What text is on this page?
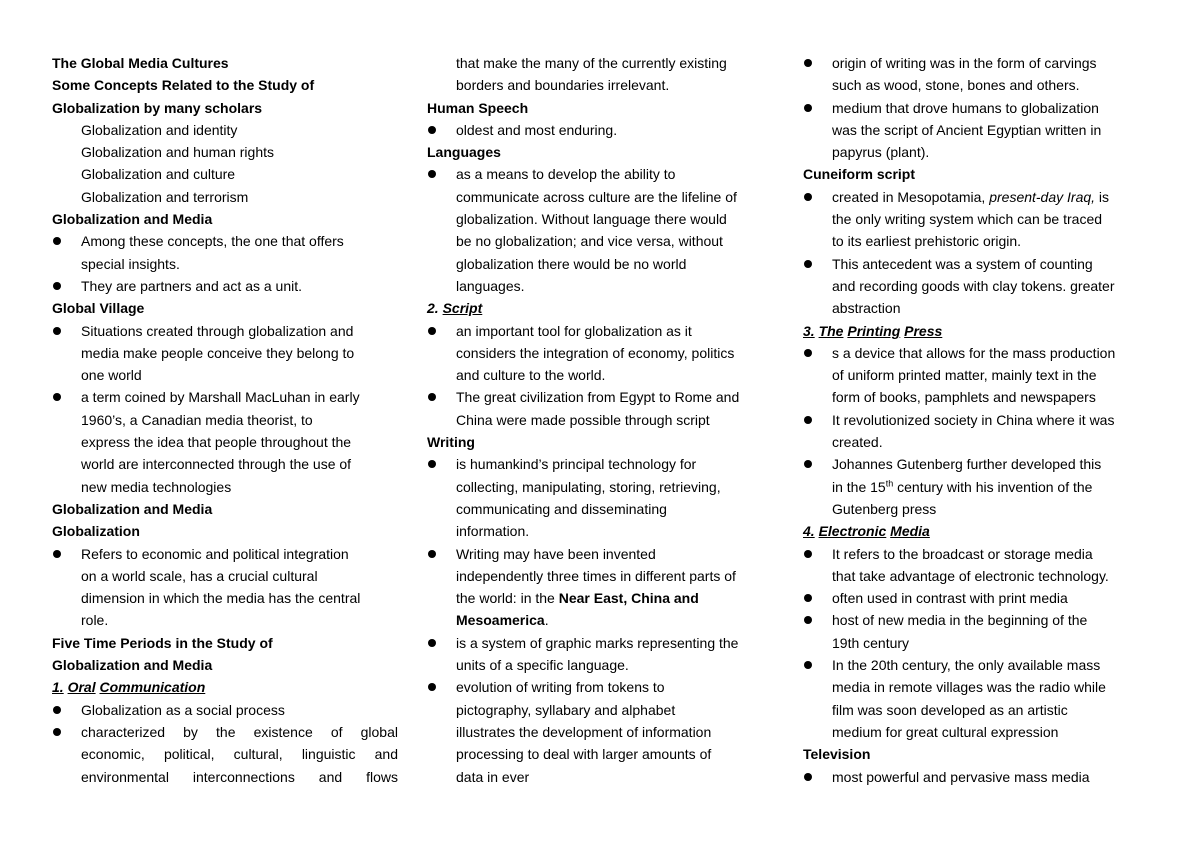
The Global Media Cultures

Some Concepts Related to the Study of

Globalization by many scholars

Globalization and identity

Globalization and human rights

Globalization and culture

Globalization and terrorism

Globalization and Media

Among these concepts, the one that offers
special insights.
They are partners and act as a unit.

Global Village

Situations created through globalization and
media make people conceive they belong to
one world
a term coined by Marshall MacLuhan in early
1960’s, a Canadian media theorist, to
express the idea that people throughout the
world are interconnected through the use of
new media technologies

Globalization and Media

Globalization

Refers to economic and political integration
on a world scale, has a crucial cultural
dimension in which the media has the central
role.

Five Time Periods in the Study of

Globalization and Media

1. Oral Communication

Globalization as a social process
characterized by the existence of global
economic, political, cultural, linguistic and
environmental interconnections and flows
that make the many of the currently existing
borders and boundaries irrelevant.

Human Speech

oldest and most enduring.

Languages

as a means to develop the ability to
communicate across culture are the lifeline of
globalization. Without language there would
be no globalization; and vice versa, without
globalization there would be no world
languages.

2. Script

an important tool for globalization as it
considers the integration of economy, politics
and culture to the world.
The great civilization from Egypt to Rome and
China were made possible through script

Writing

is humankind’s principal technology for
collecting, manipulating, storing, retrieving,
communicating and disseminating
information.
Writing may have been invented
independently three times in different parts of
the world: in the Near East, China and
Mesoamerica.
is a system of graphic marks representing the
units of a specific language.
evolution of writing from tokens to
pictography, syllabary and alphabet
illustrates the development of information
processing to deal with larger amounts of
data in ever
origin of writing was in the form of carvings
such as wood, stone, bones and others.
medium that drove humans to globalization
was the script of Ancient Egyptian written in
papyrus (plant).

Cuneiform script

created in Mesopotamia, present-day Iraq, is
the only writing system which can be traced
to its earliest prehistoric origin.
This antecedent was a system of counting
and recording goods with clay tokens. greater
abstraction

3. The Printing Press

s a device that allows for the mass production
of uniform printed matter, mainly text in the
form of books, pamphlets and newspapers
It revolutionized society in China where it was
created.
Johannes Gutenberg further developed this
in the 15th century with his invention of the
Gutenberg press

4. Electronic Media

It refers to the broadcast or storage media
that take advantage of electronic technology.
often used in contrast with print media
host of new media in the beginning of the
19th century
In the 20th century, the only available mass
media in remote villages was the radio while
film was soon developed as an artistic
medium for great cultural expression

Television

most powerful and pervasive mass media
